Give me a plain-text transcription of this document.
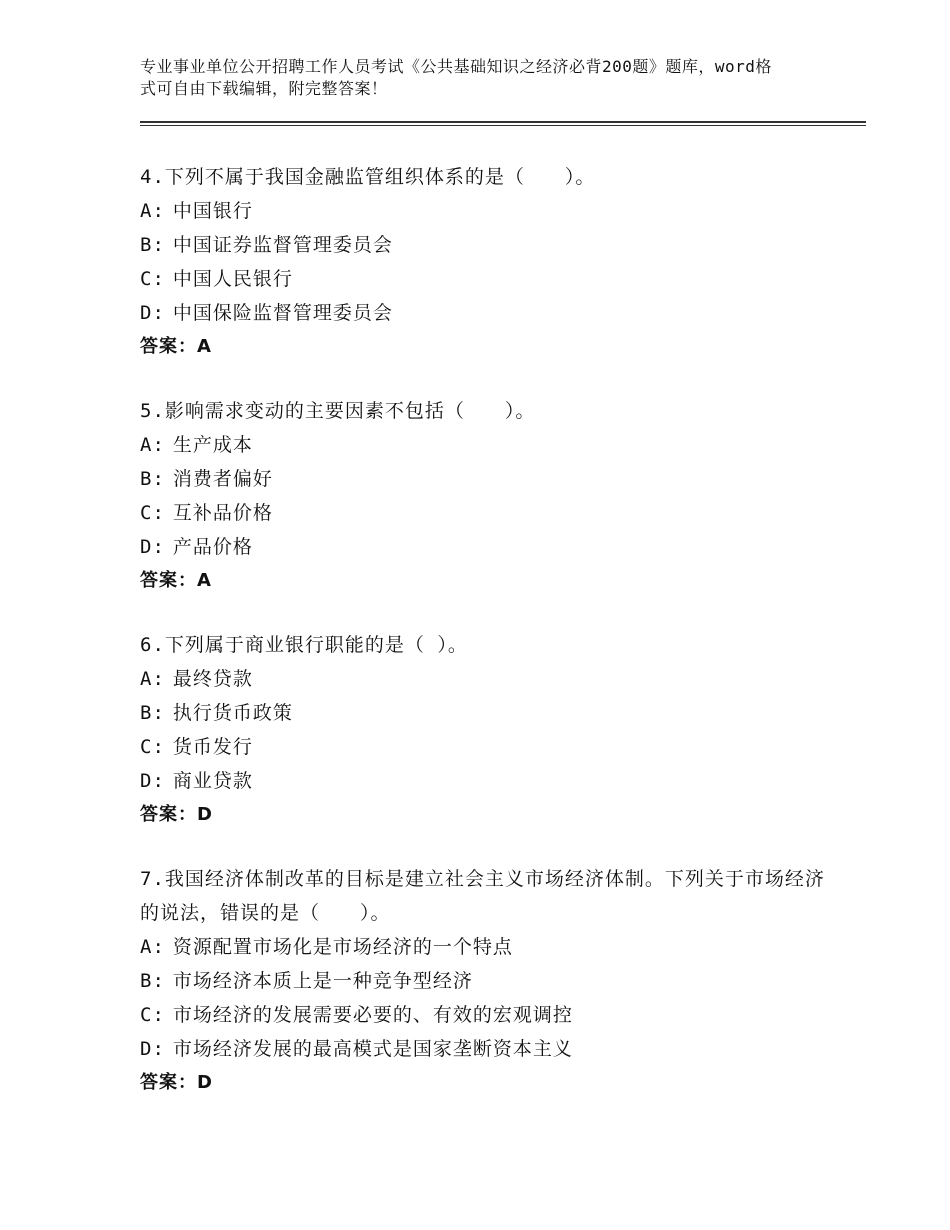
专业事业单位公开招聘工作人员考试《公共基础知识之经济必背200题》题库，word格式可自由下载编辑，附完整答案！
4.下列不属于我国金融监管组织体系的是（　　）。
A: 中国银行
B: 中国证券监督管理委员会
C: 中国人民银行
D: 中国保险监督管理委员会
答案：A
5.影响需求变动的主要因素不包括（　　）。
A: 生产成本
B: 消费者偏好
C: 互补品价格
D: 产品价格
答案：A
6.下列属于商业银行职能的是（ ）。
A: 最终贷款
B: 执行货币政策
C: 货币发行
D: 商业贷款
答案：D
7.我国经济体制改革的目标是建立社会主义市场经济体制。下列关于市场经济的说法，错误的是（　　）。
A: 资源配置市场化是市场经济的一个特点
B: 市场经济本质上是一种竞争型经济
C: 市场经济的发展需要必要的、有效的宏观调控
D: 市场经济发展的最高模式是国家垄断资本主义
答案：D
